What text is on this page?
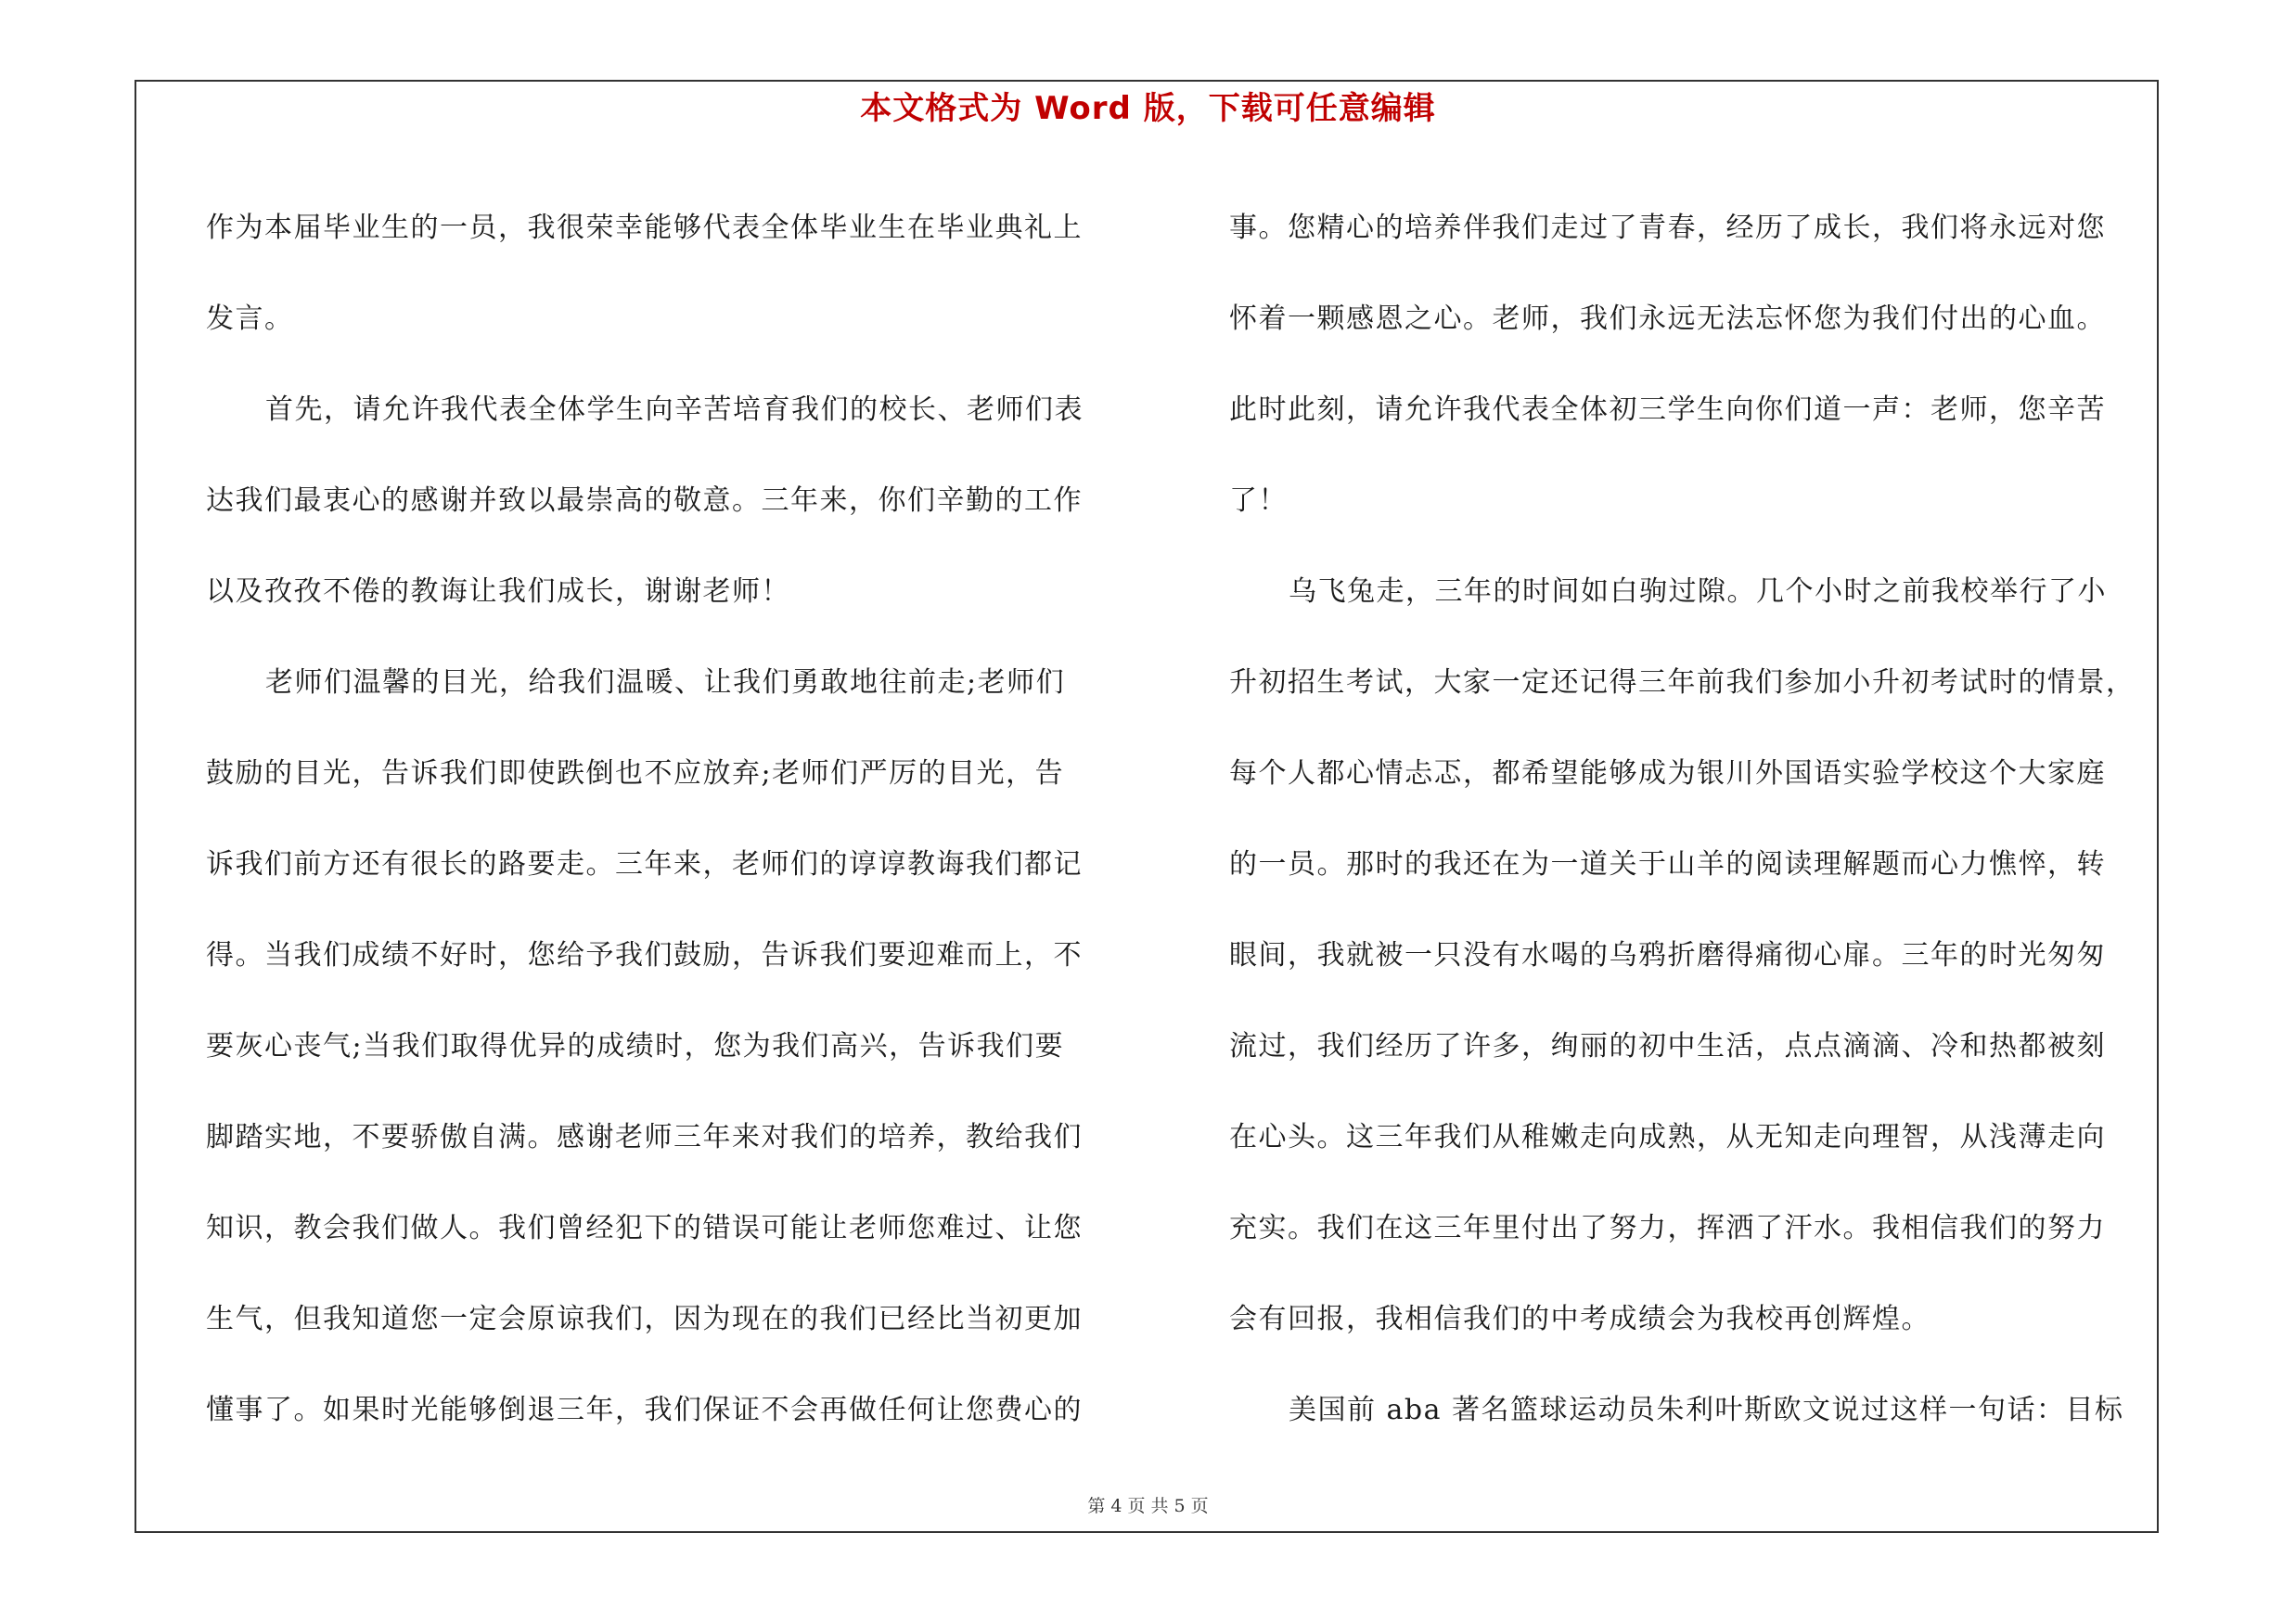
本文格式为 Word 版，下载可任意编辑
作为本届毕业生的一员，我很荣幸能够代表全体毕业生在毕业典礼上
发言。
首先，请允许我代表全体学生向辛苦培育我们的校长、老师们表
达我们最衷心的感谢并致以最崇高的敬意。三年来，你们辛勤的工作
以及孜孜不倦的教诲让我们成长，谢谢老师！
老师们温馨的目光，给我们温暖、让我们勇敢地往前走;老师们
鼓励的目光，告诉我们即使跌倒也不应放弃;老师们严厉的目光，告
诉我们前方还有很长的路要走。三年来，老师们的谆谆教诲我们都记
得。当我们成绩不好时，您给予我们鼓励，告诉我们要迎难而上，不
要灰心丧气;当我们取得优异的成绩时，您为我们高兴，告诉我们要
脚踏实地，不要骄傲自满。感谢老师三年来对我们的培养，教给我们
知识，教会我们做人。我们曾经犯下的错误可能让老师您难过、让您
生气，但我知道您一定会原谅我们，因为现在的我们已经比当初更加
懂事了。如果时光能够倒退三年，我们保证不会再做任何让您费心的
事。您精心的培养伴我们走过了青春，经历了成长，我们将永远对您
怀着一颗感恩之心。老师，我们永远无法忘怀您为我们付出的心血。
此时此刻，请允许我代表全体初三学生向你们道一声：老师，您辛苦
了！
乌飞兔走，三年的时间如白驹过隙。几个小时之前我校举行了小
升初招生考试，大家一定还记得三年前我们参加小升初考试时的情景，
每个人都心情忐忑，都希望能够成为银川外国语实验学校这个大家庭
的一员。那时的我还在为一道关于山羊的阅读理解题而心力憔悴，转
眼间，我就被一只没有水喝的乌鸦折磨得痛彻心扉。三年的时光匆匆
流过，我们经历了许多，绚丽的初中生活，点点滴滴、冷和热都被刻
在心头。这三年我们从稚嫩走向成熟，从无知走向理智，从浅薄走向
充实。我们在这三年里付出了努力，挥洒了汗水。我相信我们的努力
会有回报，我相信我们的中考成绩会为我校再创辉煌。
美国前 aba 著名篮球运动员朱利叶斯欧文说过这样一句话：目标
第 4 页 共 5 页
